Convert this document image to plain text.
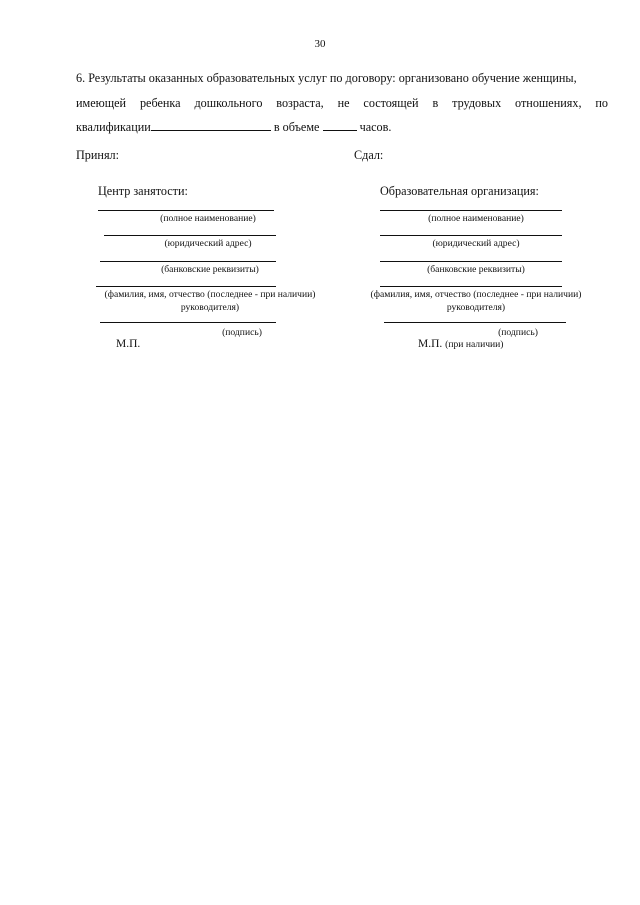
30
6. Результаты оказанных образовательных услуг по договору: организовано обучение женщины,
имеющей ребенка дошкольного возраста, не состоящей в трудовых отношениях, по
квалификации	в объеме	часов.
Принял:
Центр занятости:
(полное наименование)
(юридический адрес)
(банковские реквизиты)
(фамилия, имя, отчество (последнее - при наличии)
руководителя)
(подпись)
М.П.
Сдал:
Образовательная организация:
(полное наименование)
(юридический адрес)
(банковские реквизиты)
(фамилия, имя, отчество (последнее - при наличии)
руководителя)
(подпись)
М.П. (при наличии)
